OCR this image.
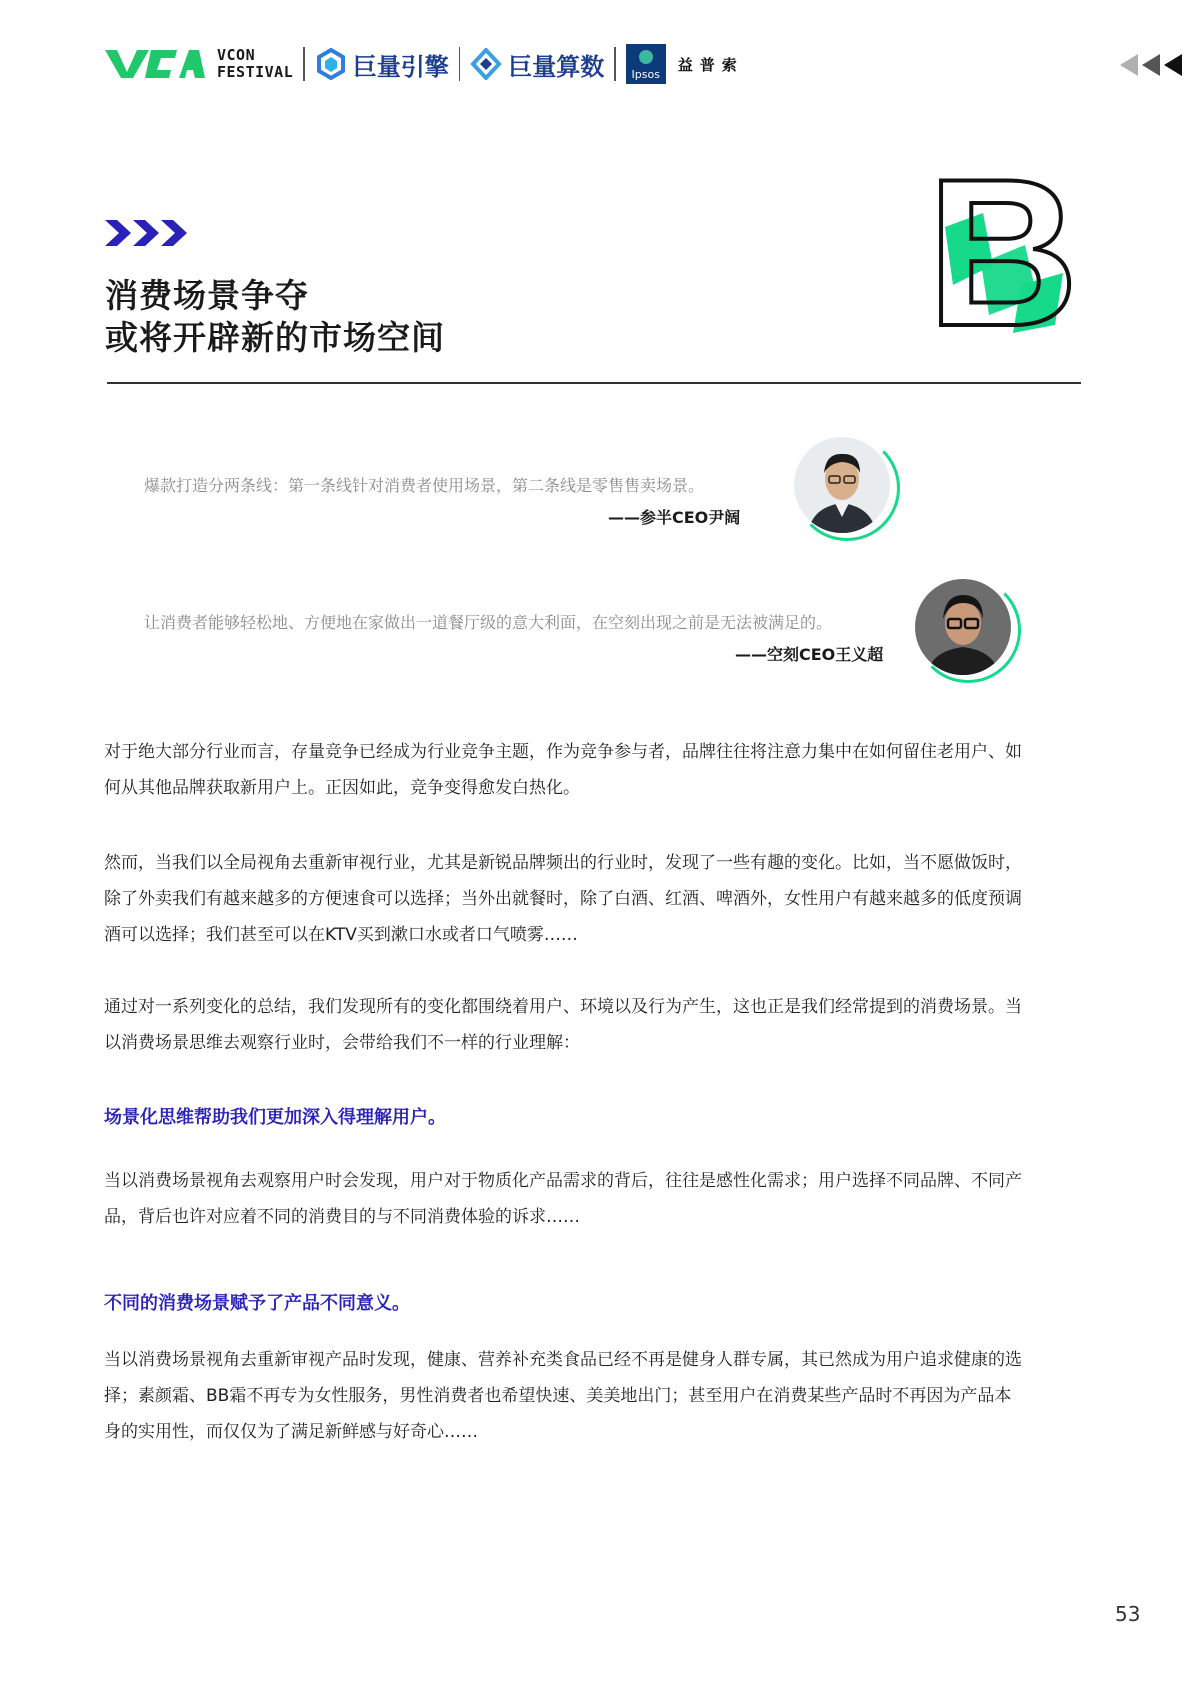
VCON
FESTIVAL 巨量引擎 巨量算数 Ipsos
益普索
消费场景争夺
或将开辟新的市场空间 B
爆款打造分两条线：第一条线针对消费者使用场景，第二条线是零售售卖场景。
——参半CEO尹阔
让消费者能够轻松地、方便地在家做出一道餐厅级的意大利面，在空刻出现之前是无法被满足的。
——空刻CEO王义超
对于绝大部分行业而言，存量竞争已经成为行业竞争主题，作为竞争参与者，品牌往往将注意力集中在如何留住老用户、如
何从其他品牌获取新用户上。正因如此，竞争变得愈发白热化。
然而，当我们以全局视角去重新审视行业，尤其是新锐品牌频出的行业时，发现了一些有趣的变化。比如，当不愿做饭时，
除了外卖我们有越来越多的方便速食可以选择；当外出就餐时，除了白酒、红酒、啤酒外，女性用户有越来越多的低度预调
酒可以选择；我们甚至可以在KTV买到漱口水或者口气喷雾……
通过对一系列变化的总结，我们发现所有的变化都围绕着用户、环境以及行为产生，这也正是我们经常提到的消费场景。当
以消费场景思维去观察行业时，会带给我们不一样的行业理解：
场景化思维帮助我们更加深入得理解用户。
当以消费场景视角去观察用户时会发现，用户对于物质化产品需求的背后，往往是感性化需求；用户选择不同品牌、不同产
品，背后也许对应着不同的消费目的与不同消费体验的诉求……
不同的消费场景赋予了产品不同意义。
当以消费场景视角去重新审视产品时发现，健康、营养补充类食品已经不再是健身人群专属，其已然成为用户追求健康的选
择；素颜霜、BB霜不再专为女性服务，男性消费者也希望快速、美美地出门；甚至用户在消费某些产品时不再因为产品本
身的实用性，而仅仅为了满足新鲜感与好奇心……
53
